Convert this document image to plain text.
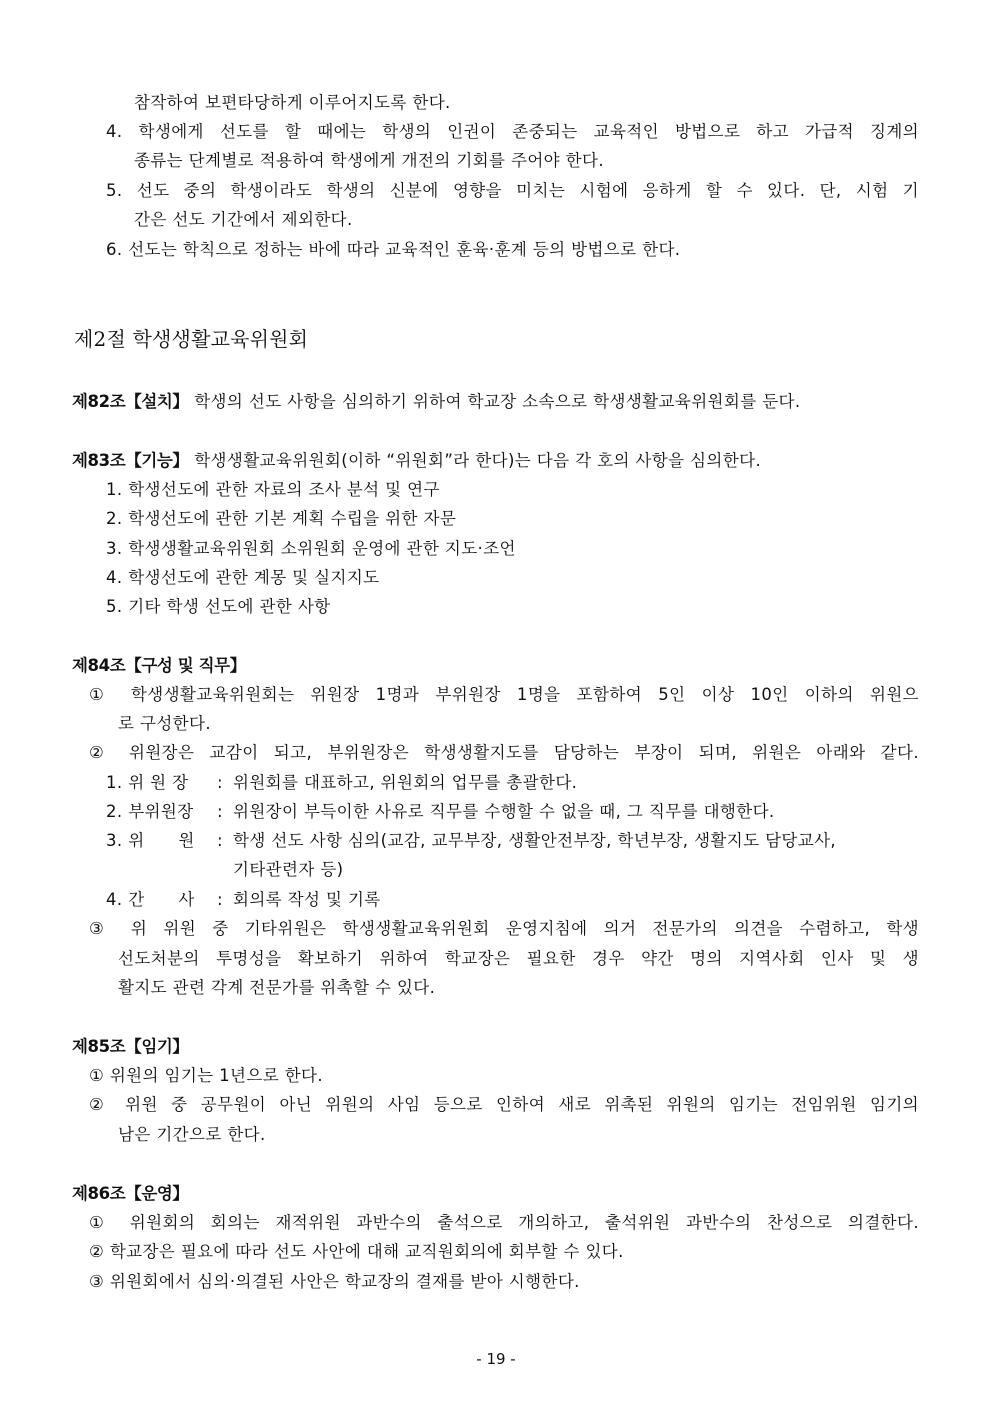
참작하여 보편타당하게 이루어지도록 한다.
4. 학생에게 선도를 할 때에는 학생의 인권이 존중되는 교육적인 방법으로 하고 가급적 징계의
종류는 단계별로 적용하여 학생에게 개전의 기회를 주어야 한다.
5. 선도 중의 학생이라도 학생의 신분에 영향을 미치는 시험에 응하게 할 수 있다. 단, 시험 기
간은 선도 기간에서 제외한다.
6. 선도는 학칙으로 정하는 바에 따라 교육적인 훈육·훈계 등의 방법으로 한다.
제2절 학생생활교육위원회
제82조【설치】 학생의 선도 사항을 심의하기 위하여 학교장 소속으로 학생생활교육위원회를 둔다.
제83조【기능】 학생생활교육위원회(이하 “위원회”라 한다)는 다음 각 호의 사항을 심의한다.
1. 학생선도에 관한 자료의 조사 분석 및 연구
2. 학생선도에 관한 기본 계획 수립을 위한 자문
3. 학생생활교육위원회 소위원회 운영에 관한 지도·조언
4. 학생선도에 관한 계몽 및 실지지도
5. 기타 학생 선도에 관한 사항
제84조【구성 및 직무】
① 학생생활교육위원회는 위원장 1명과 부위원장 1명을 포함하여 5인 이상 10인 이하의 위원으
로 구성한다.
② 위원장은 교감이 되고, 부위원장은 학생생활지도를 담당하는 부장이 되며, 위원은 아래와 같다.
1. 위 원 장 : 위원회를 대표하고, 위원회의 업무를 총괄한다.
2. 부위원장 : 위원장이 부득이한 사유로 직무를 수행할 수 없을 때, 그 직무를 대행한다.
3. 위      원 : 학생 선도 사항 심의(교감, 교무부장, 생활안전부장, 학년부장, 생활지도 담당교사,
기타관련자 등)
4. 간      사 : 회의록 작성 및 기록
③ 위 위원 중 기타위원은 학생생활교육위원회 운영지침에 의거 전문가의 의견을 수렴하고, 학생
선도처분의 투명성을 확보하기 위하여 학교장은 필요한 경우 약간 명의 지역사회 인사 및 생
활지도 관련 각계 전문가를 위촉할 수 있다.
제85조【임기】
① 위원의 임기는 1년으로 한다.
② 위원 중 공무원이 아닌 위원의 사임 등으로 인하여 새로 위촉된 위원의 임기는 전임위원 임기의
남은 기간으로 한다.
제86조【운영】
① 위원회의 회의는 재적위원 과반수의 출석으로 개의하고, 출석위원 과반수의 찬성으로 의결한다.
② 학교장은 필요에 따라 선도 사안에 대해 교직원회의에 회부할 수 있다.
③ 위원회에서 심의·의결된 사안은 학교장의 결재를 받아 시행한다.
- 19 -
